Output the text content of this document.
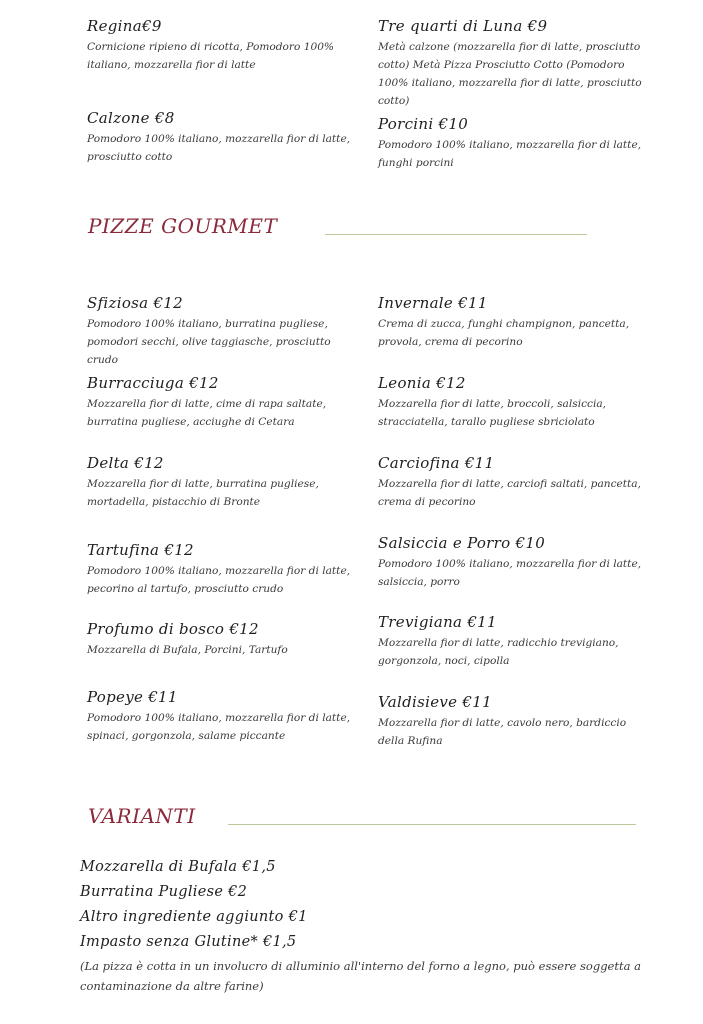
Regina€9

Cornicione ripieno di ricotta, Pomodoro 100% italiano, mozzarella fior di latte

Tre quarti di Luna €9

Metà calzone (mozzarella fior di latte, prosciutto cotto) Metà Pizza Prosciutto Cotto (Pomodoro 100% italiano, mozzarella fior di latte, prosciutto cotto)

Calzone €8

Pomodoro 100% italiano, mozzarella fior di latte, prosciutto cotto

Porcini €10

Pomodoro 100% italiano, mozzarella fior di latte, funghi porcini

PIZZE GOURMET
Sfiziosa €12

Pomodoro 100% italiano, burratina pugliese, pomodori secchi, olive taggiasche, prosciutto crudo

Invernale €11

Crema di zucca, funghi champignon, pancetta, provola, crema di pecorino

Burracciuga €12

Mozzarella fior di latte, cime di rapa saltate, burratina pugliese, acciughe di Cetara

Leonia €12

Mozzarella fior di latte, broccoli, salsiccia, stracciatella, tarallo pugliese sbriciolato

Delta €12

Mozzarella fior di latte, burratina pugliese, mortadella, pistacchio di Bronte

Carciofina €11

Mozzarella fior di latte, carciofi saltati, pancetta, crema di pecorino

Tartufina €12

Pomodoro 100% italiano, mozzarella fior di latte, pecorino al tartufo, prosciutto crudo

Salsiccia e Porro €10

Pomodoro 100% italiano, mozzarella fior di latte, salsiccia, porro

Profumo di bosco €12

Mozzarella di Bufala, Porcini, Tartufo

Trevigiana €11

Mozzarella fior di latte, radicchio trevigiano, gorgonzola, noci, cipolla

Popeye €11

Pomodoro 100% italiano, mozzarella fior di latte, spinaci, gorgonzola, salame piccante

Valdisieve €11

Mozzarella fior di latte, cavolo nero, bardiccio della Rufina

VARIANTI
Mozzarella di Bufala €1,5
Burratina Pugliese €2
Altro ingrediente aggiunto €1
Impasto senza Glutine* €1,5
(La pizza è cotta in un involucro di alluminio all'interno del forno a legno, può essere soggetta a contaminazione da altre farine)
